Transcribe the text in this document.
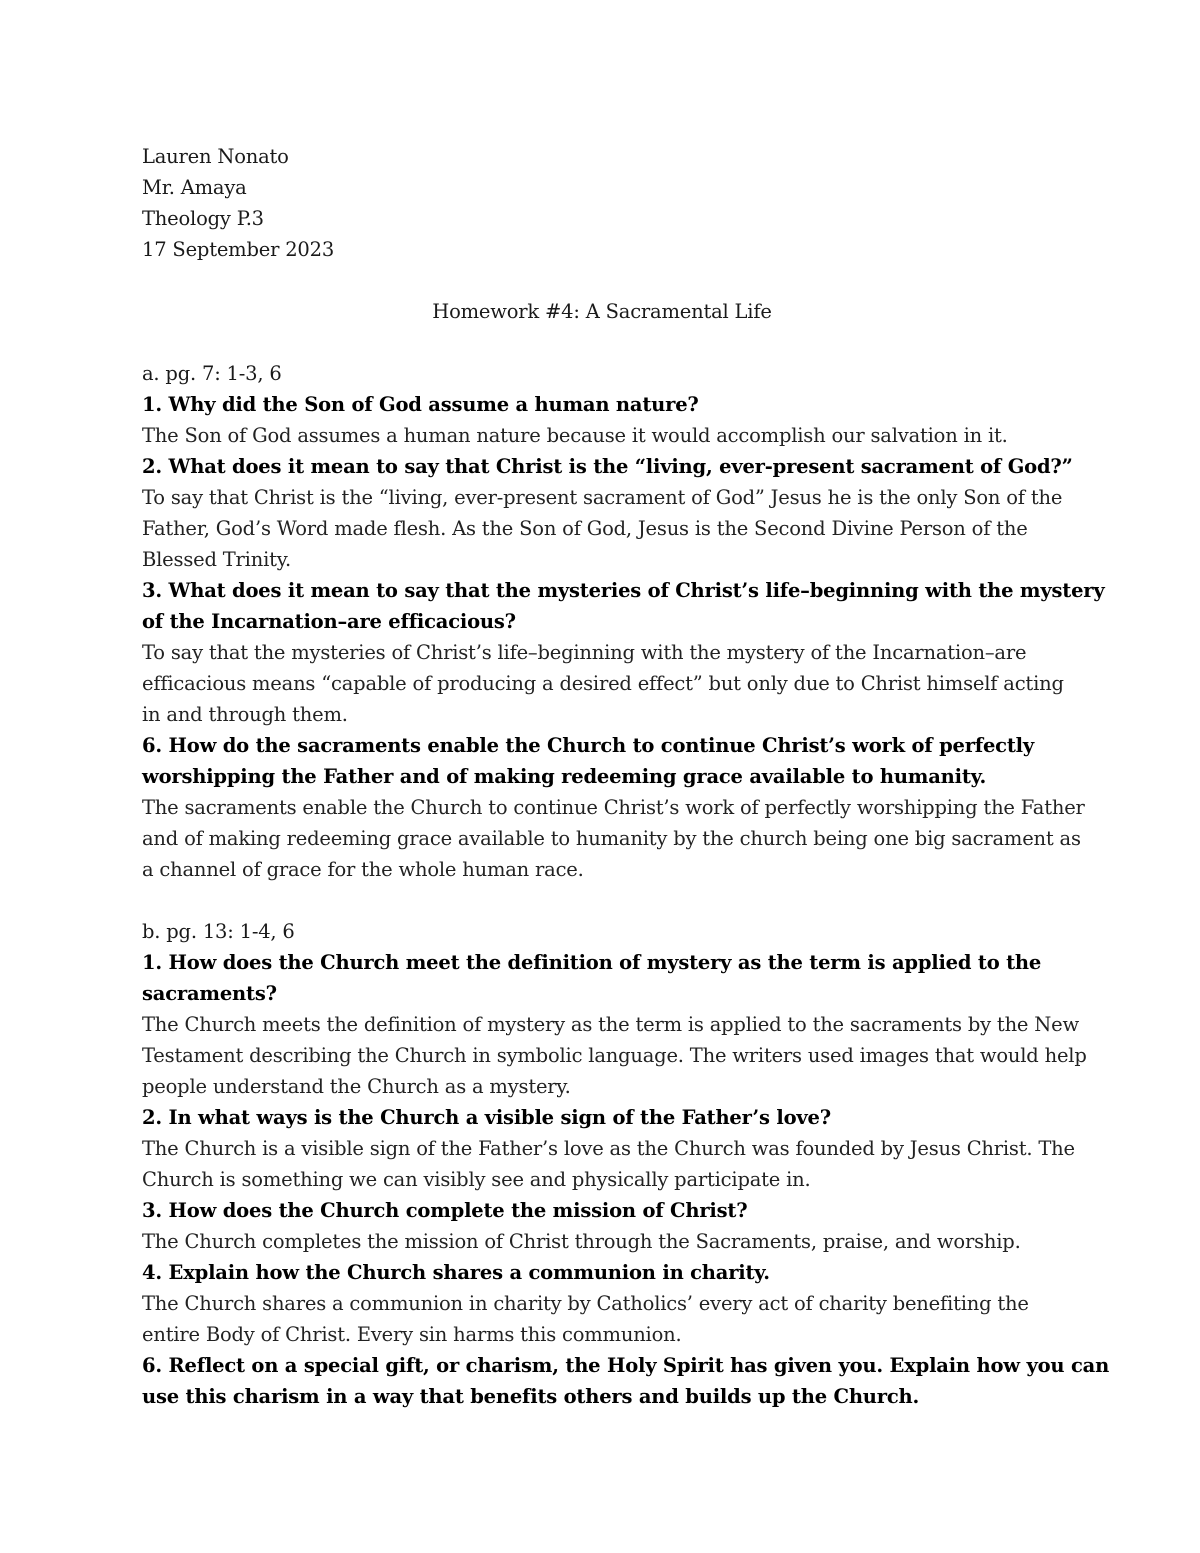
Lauren Nonato

Mr. Amaya

Theology P.3

17 September 2023

Homework #4: A Sacramental Life

a. pg. 7: 1-3, 6

1. Why did the Son of God assume a human nature?

The Son of God assumes a human nature because it would accomplish our salvation in it.

2. What does it mean to say that Christ is the “living, ever-present sacrament of God?”

To say that Christ is the “living, ever-present sacrament of God” Jesus he is the only Son of the

Father, God’s Word made flesh. As the Son of God, Jesus is the Second Divine Person of the

Blessed Trinity.

3. What does it mean to say that the mysteries of Christ’s life–beginning with the mystery

of the Incarnation–are efficacious?

To say that the mysteries of Christ’s life–beginning with the mystery of the Incarnation–are

efficacious means “capable of producing a desired effect” but only due to Christ himself acting

in and through them.

6. How do the sacraments enable the Church to continue Christ’s work of perfectly

worshipping the Father and of making redeeming grace available to humanity.

The sacraments enable the Church to continue Christ’s work of perfectly worshipping the Father

and of making redeeming grace available to humanity by the church being one big sacrament as

a channel of grace for the whole human race.

b. pg. 13: 1-4, 6

1. How does the Church meet the definition of mystery as the term is applied to the

sacraments?

The Church meets the definition of mystery as the term is applied to the sacraments by the New

Testament describing the Church in symbolic language. The writers used images that would help

people understand the Church as a mystery.

2. In what ways is the Church a visible sign of the Father’s love?

The Church is a visible sign of the Father’s love as the Church was founded by Jesus Christ. The

Church is something we can visibly see and physically participate in.

3. How does the Church complete the mission of Christ?

The Church completes the mission of Christ through the Sacraments, praise, and worship.

4. Explain how the Church shares a communion in charity.

The Church shares a communion in charity by Catholics’ every act of charity benefiting the

entire Body of Christ. Every sin harms this communion.

6. Reflect on a special gift, or charism, the Holy Spirit has given you. Explain how you can

use this charism in a way that benefits others and builds up the Church.
